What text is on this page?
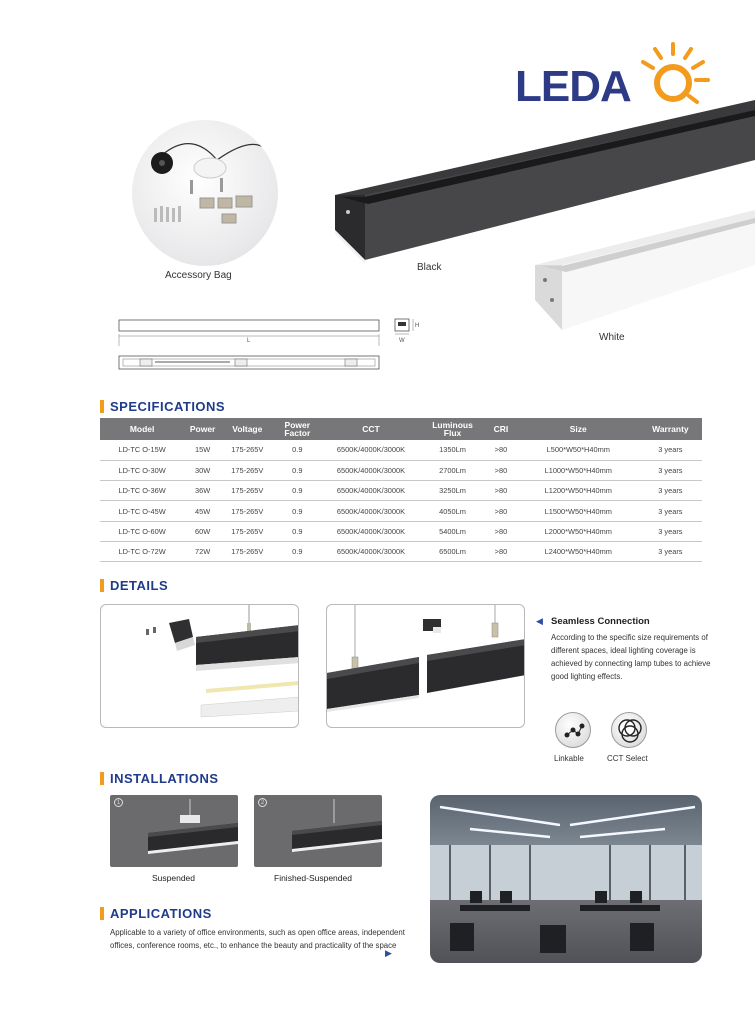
LEDA	O
Accessory Bag
Black
White
L	W
H
SPECIFICATIONS
Model	Power	Voltage	Power Factor	CCT	Luminous Flux	CRI	Size	Warranty
LD-TC O-15W	15W	175-265V	0.9	6500K/4000K/3000K	1350Lm	>80	L500*W50*H40mm	3 years
LD-TC O-30W	30W	175-265V	0.9	6500K/4000K/3000K	2700Lm	>80	L1000*W50*H40mm	3 years
LD-TC O-36W	36W	175-265V	0.9	6500K/4000K/3000K	3250Lm	>80	L1200*W50*H40mm	3 years
LD-TC O-45W	45W	175-265V	0.9	6500K/4000K/3000K	4050Lm	>80	L1500*W50*H40mm	3 years
LD-TC O-60W	60W	175-265V	0.9	6500K/4000K/3000K	5400Lm	>80	L2000*W50*H40mm	3 years
LD-TC O-72W	72W	175-265V	0.9	6500K/4000K/3000K	6500Lm	>80	L2400*W50*H40mm	3 years
DETAILS
◀ Seamless Connection
According to the specific size requirements of different spaces, ideal lighting coverage is achieved by connecting lamp tubes to achieve good lighting effects.
Linkable	CCT Select
INSTALLATIONS
1
Suspended
2
Finished-Suspended
APPLICATIONS
Applicable to a variety of office environments, such as open office areas, independent offices, conference rooms, etc., to enhance the beauty and practicality of the space
▶
